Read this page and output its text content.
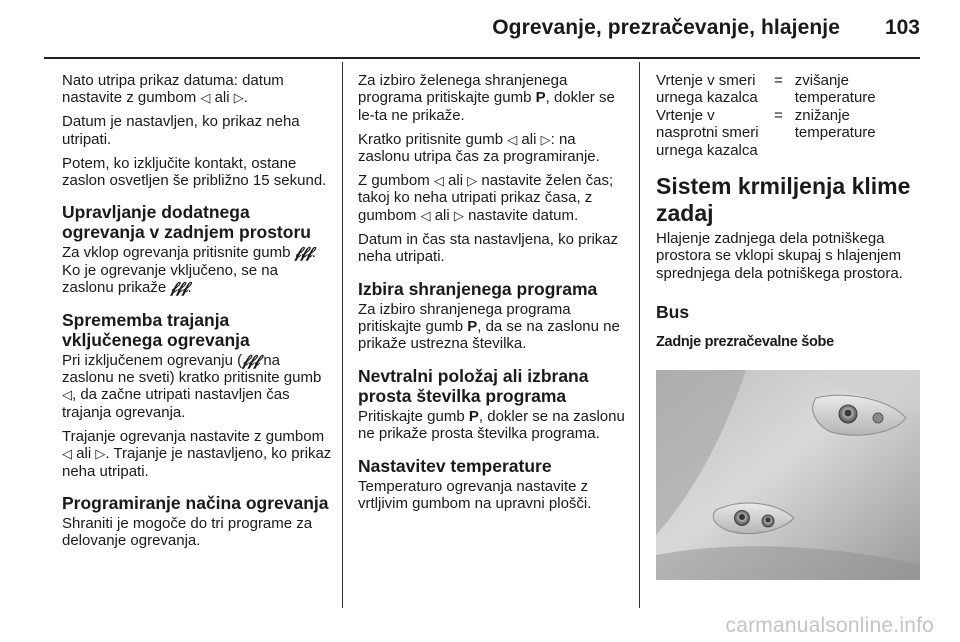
Ogrevanje, prezračevanje, hlajenje 103

Nato utripa prikaz datuma: datum nastavite z gumbom ◁ ali ▷.

Datum je nastavljen, ko prikaz neha utripati.

Potem, ko izključite kontakt, ostane zaslon osvetljen še približno 15 sekund.

Upravljanje dodatnega ogrevanja v zadnjem prostoru

Za vklop ogrevanja pritisnite gumb 𝒻𝒻𝒻. Ko je ogrevanje vključeno, se na zaslonu prikaže 𝒻𝒻𝒻.

Sprememba trajanja vključenega ogrevanja

Pri izključenem ogrevanju (𝒻𝒻𝒻 na zaslonu ne sveti) kratko pritisnite gumb ◁, da začne utripati nastavljen čas trajanja ogrevanja.

Trajanje ogrevanja nastavite z gumbom ◁ ali ▷. Trajanje je nastavljeno, ko prikaz neha utripati.

Programiranje načina ogrevanja

Shraniti je mogoče do tri programe za delovanje ogrevanja.

Za izbiro želenega shranjenega programa pritiskajte gumb P, dokler se le-ta ne prikaže.

Kratko pritisnite gumb ◁ ali ▷: na zaslonu utripa čas za programiranje.

Z gumbom ◁ ali ▷ nastavite želen čas; takoj ko neha utripati prikaz časa, z gumbom ◁ ali ▷ nastavite datum.

Datum in čas sta nastavljena, ko prikaz neha utripati.

Izbira shranjenega programa

Za izbiro shranjenega programa pritiskajte gumb P, da se na zaslonu ne prikaže ustrezna številka.

Nevtralni položaj ali izbrana prosta številka programa

Pritiskajte gumb P, dokler se na zaslonu ne prikaže prosta številka programa.

Nastavitev temperature

Temperaturo ogrevanja nastavite z vrtljivim gumbom na upravni plošči.

Vrtenje v smeri urnega kazalca	=	zvišanje temperature
Vrtenje v nasprotni smeri urnega kazalca	=	znižanje temperature
Sistem krmiljenja klime zadaj

Hlajenje zadnjega dela potniškega prostora se vklopi skupaj s hlajenjem sprednjega dela potniškega prostora.

Bus
Zadnje prezračevalne šobe
carmanualsonline.info
